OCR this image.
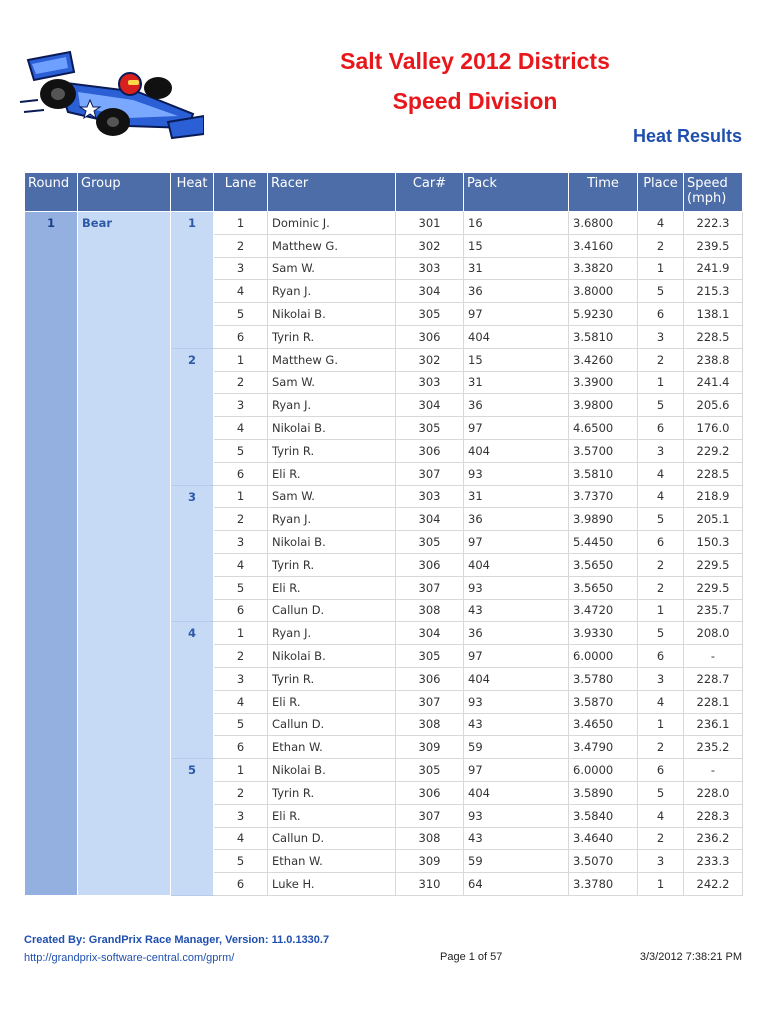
Salt Valley 2012 Districts
Speed Division
Heat Results
Round	Group	Heat	Lane	Racer	Car#	Pack	Time	Place	Speed (mph)
1	Bear	1	1	Dominic J.	301	16	3.6800	4	222.3
			2	Matthew G.	302	15	3.4160	2	239.5
			3	Sam W.	303	31	3.3820	1	241.9
			4	Ryan J.	304	36	3.8000	5	215.3
			5	Nikolai B.	305	97	5.9230	6	138.1
			6	Tyrin R.	306	404	3.5810	3	228.5
		2	1	Matthew G.	302	15	3.4260	2	238.8
			2	Sam W.	303	31	3.3900	1	241.4
			3	Ryan J.	304	36	3.9800	5	205.6
			4	Nikolai B.	305	97	4.6500	6	176.0
			5	Tyrin R.	306	404	3.5700	3	229.2
			6	Eli R.	307	93	3.5810	4	228.5
		3	1	Sam W.	303	31	3.7370	4	218.9
			2	Ryan J.	304	36	3.9890	5	205.1
			3	Nikolai B.	305	97	5.4450	6	150.3
			4	Tyrin R.	306	404	3.5650	2	229.5
			5	Eli R.	307	93	3.5650	2	229.5
			6	Callun D.	308	43	3.4720	1	235.7
		4	1	Ryan J.	304	36	3.9330	5	208.0
			2	Nikolai B.	305	97	6.0000	6	-
			3	Tyrin R.	306	404	3.5780	3	228.7
			4	Eli R.	307	93	3.5870	4	228.1
			5	Callun D.	308	43	3.4650	1	236.1
			6	Ethan W.	309	59	3.4790	2	235.2
		5	1	Nikolai B.	305	97	6.0000	6	-
			2	Tyrin R.	306	404	3.5890	5	228.0
			3	Eli R.	307	93	3.5840	4	228.3
			4	Callun D.	308	43	3.4640	2	236.2
			5	Ethan W.	309	59	3.5070	3	233.3
			6	Luke H.	310	64	3.3780	1	242.2
Created By: GrandPrix Race Manager, Version: 11.0.1330.7
http://grandprix-software-central.com/gprm/	Page 1 of 57	3/3/2012 7:38:21 PM
